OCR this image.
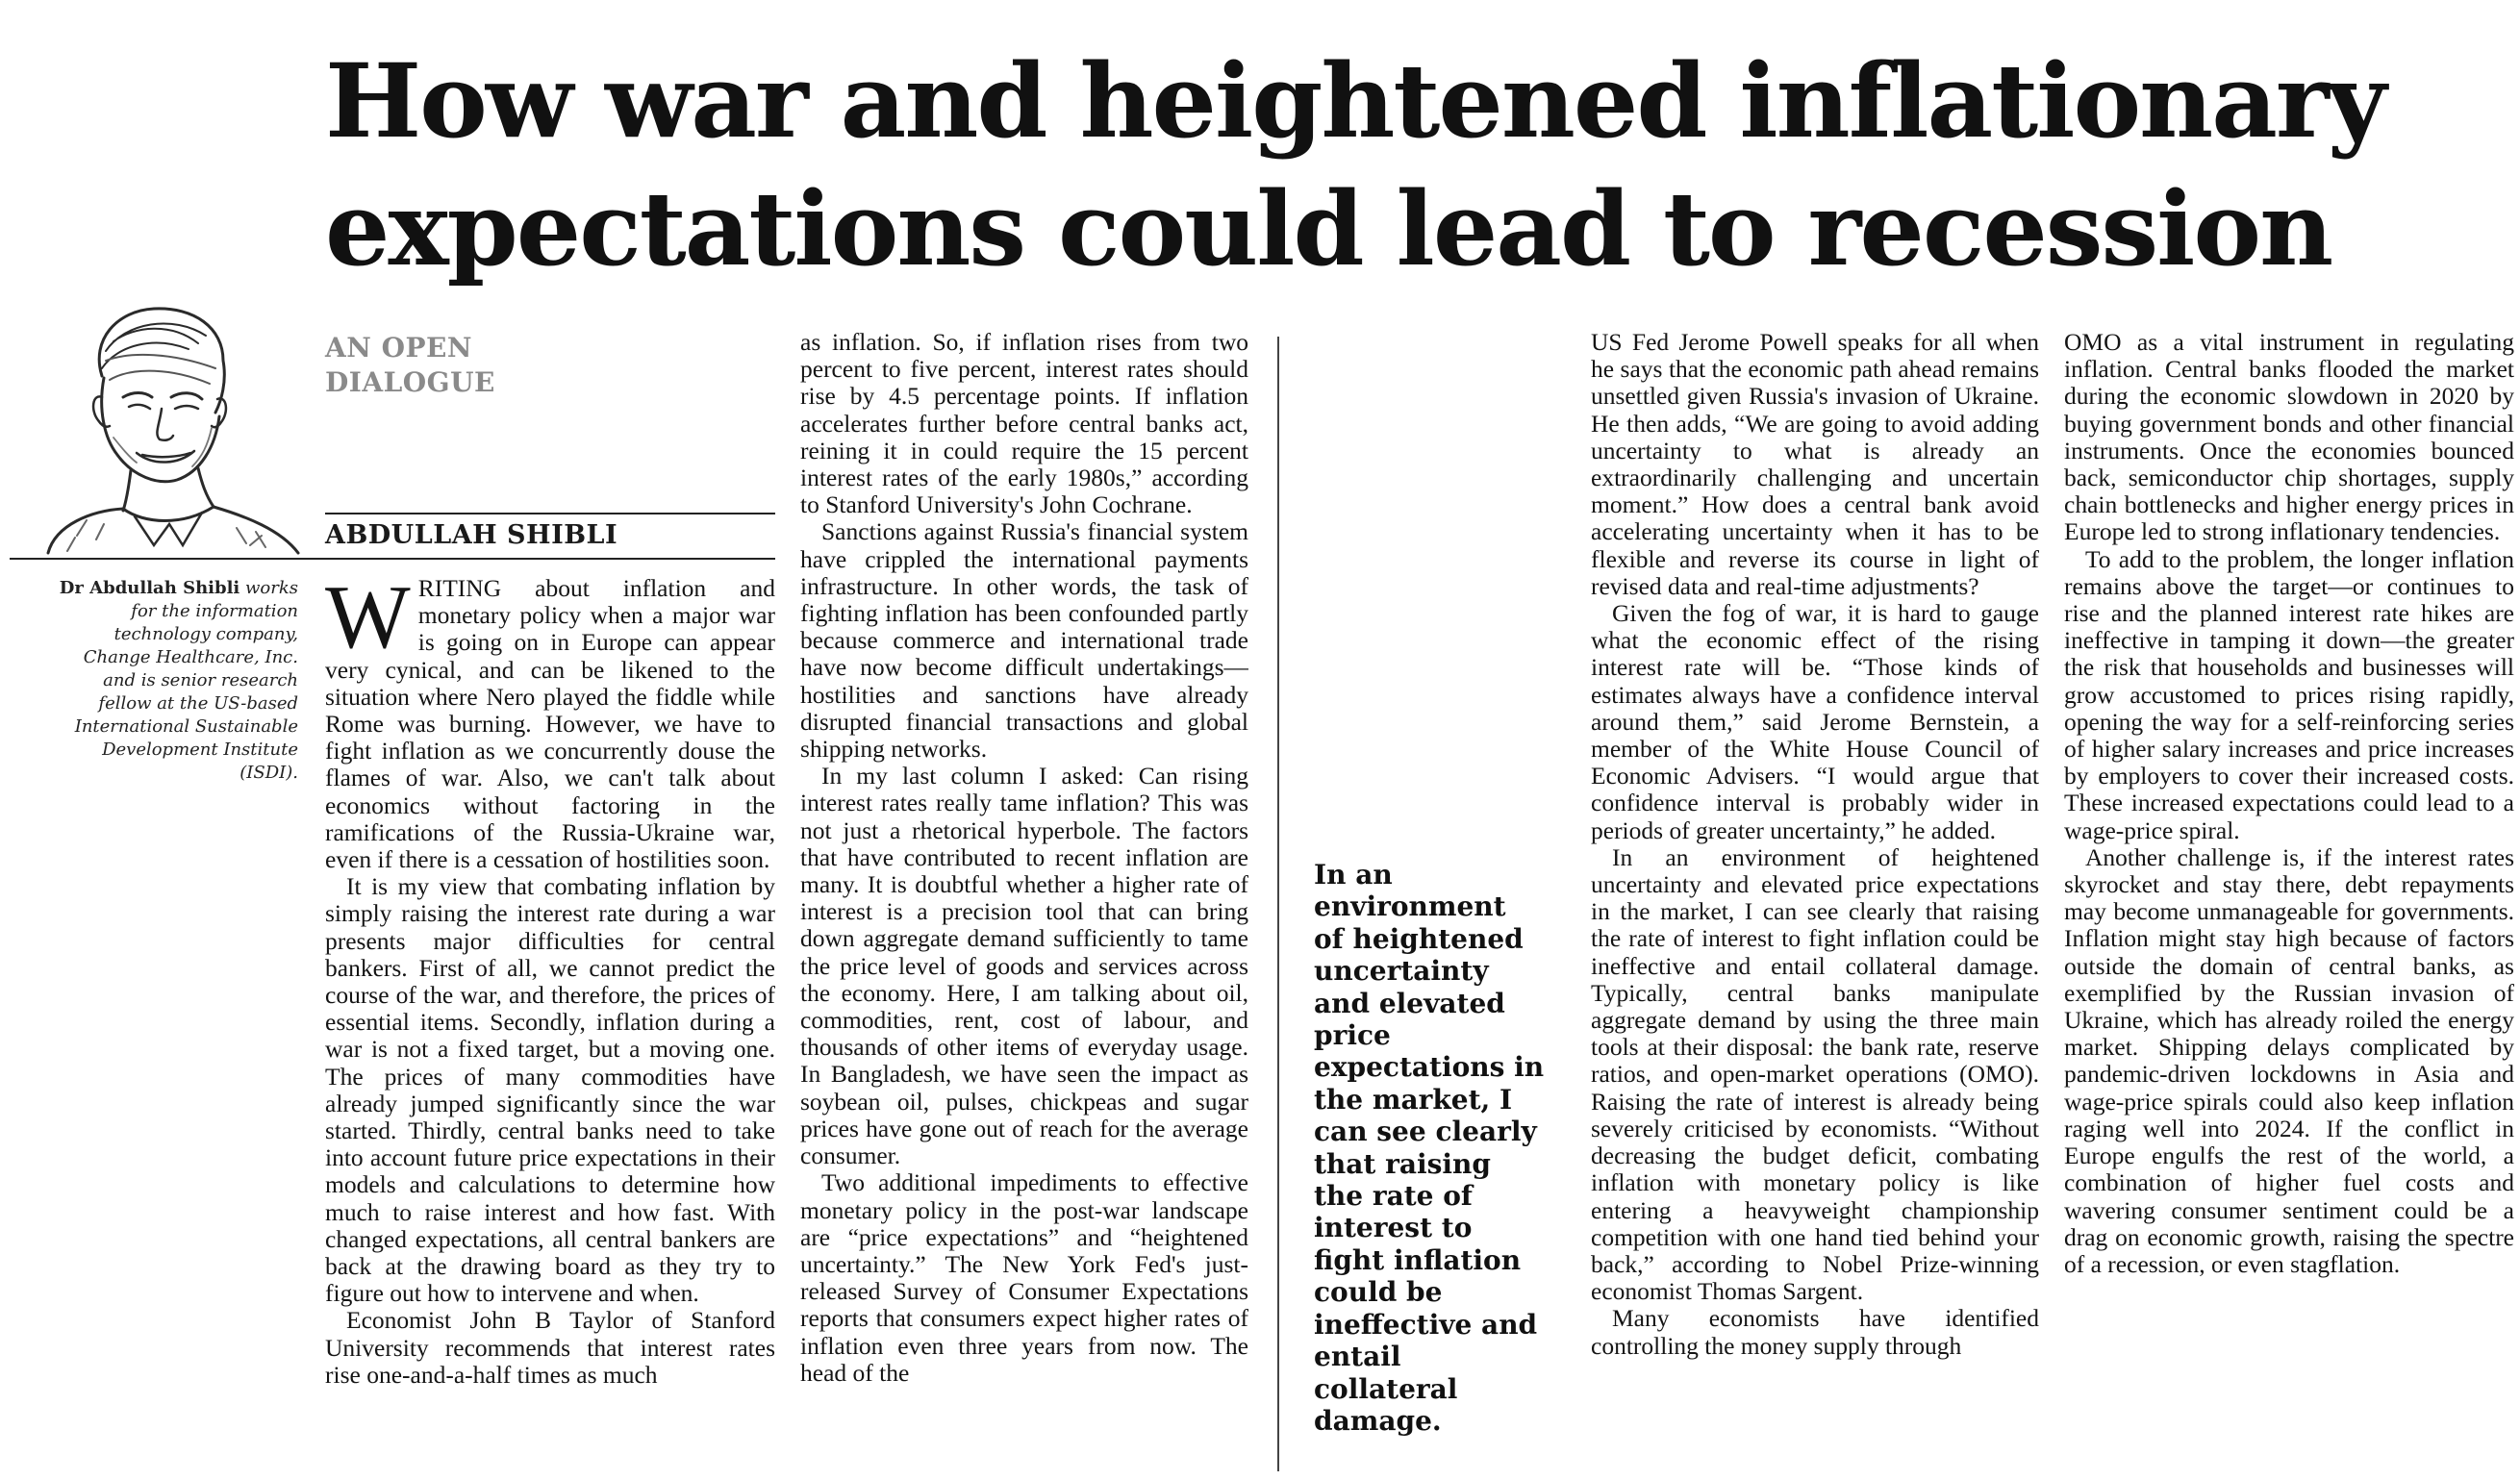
How war and heightened inflationary
expectations could lead to recession
AN OPEN
DIALOGUE
ABDULLAH SHIBLI
Dr Abdullah Shibli works for the information technology company, Change Healthcare, Inc. and is senior research fellow at the US-based International Sustainable Development Institute (ISDI).

WRITING about inflation and monetary policy when a major war is going on in Europe can appear very cynical, and can be likened to the situation where Nero played the fiddle while Rome was burning. However, we have to fight inflation as we concurrently douse the flames of war. Also, we can't talk about economics without factoring in the ramifications of the Russia-Ukraine war, even if there is a cessation of hostilities soon.

It is my view that combating inflation by simply raising the interest rate during a war presents major difficulties for central bankers. First of all, we cannot predict the course of the war, and therefore, the prices of essential items. Secondly, inflation during a war is not a fixed target, but a moving one. The prices of many commodities have already jumped significantly since the war started. Thirdly, central banks need to take into account future price expectations in their models and calculations to determine how much to raise interest and how fast. With changed expectations, all central bankers are back at the drawing board as they try to figure out how to intervene and when.

Economist John B Taylor of Stanford University recommends that interest rates rise one-and-a-half times as much

as inflation. So, if inflation rises from two percent to five percent, interest rates should rise by 4.5 percentage points. If inflation accelerates further before central banks act, reining it in could require the 15 percent interest rates of the early 1980s,” according to Stanford University's John Cochrane.

Sanctions against Russia's financial system have crippled the international payments infrastructure. In other words, the task of fighting inflation has been confounded partly because commerce and international trade have now become difficult undertakings—hostilities and sanctions have already disrupted financial transactions and global shipping networks.

In my last column I asked: Can rising interest rates really tame inflation? This was not just a rhetorical hyperbole. The factors that have contributed to recent inflation are many. It is doubtful whether a higher rate of interest is a precision tool that can bring down aggregate demand sufficiently to tame the price level of goods and services across the economy. Here, I am talking about oil, commodities, rent, cost of labour, and thousands of other items of everyday usage. In Bangladesh, we have seen the impact as soybean oil, pulses, chickpeas and sugar prices have gone out of reach for the average consumer.

Two additional impediments to effective monetary policy in the post-war landscape are “price expectations” and “heightened uncertainty.” The New York Fed's just-released Survey of Consumer Expectations reports that consumers expect higher rates of inflation even three years from now. The head of the

In an environment of heightened uncertainty and elevated price expectations in the market, I can see clearly that raising the rate of interest to fight inflation could be ineffective and entail collateral damage.

US Fed Jerome Powell speaks for all when he says that the economic path ahead remains unsettled given Russia's invasion of Ukraine. He then adds, “We are going to avoid adding uncertainty to what is already an extraordinarily challenging and uncertain moment.” How does a central bank avoid accelerating uncertainty when it has to be flexible and reverse its course in light of revised data and real-time adjustments?

Given the fog of war, it is hard to gauge what the economic effect of the rising interest rate will be. “Those kinds of estimates always have a confidence interval around them,” said Jerome Bernstein, a member of the White House Council of Economic Advisers. “I would argue that confidence interval is probably wider in periods of greater uncertainty,” he added.

In an environment of heightened uncertainty and elevated price expectations in the market, I can see clearly that raising the rate of interest to fight inflation could be ineffective and entail collateral damage. Typically, central banks manipulate aggregate demand by using the three main tools at their disposal: the bank rate, reserve ratios, and open-market operations (OMO). Raising the rate of interest is already being severely criticised by economists. “Without decreasing the budget deficit, combating inflation with monetary policy is like entering a heavyweight championship competition with one hand tied behind your back,” according to Nobel Prize-winning economist Thomas Sargent.

Many economists have identified controlling the money supply through

OMO as a vital instrument in regulating inflation. Central banks flooded the market during the economic slowdown in 2020 by buying government bonds and other financial instruments. Once the economies bounced back, semiconductor chip shortages, supply chain bottlenecks and higher energy prices in Europe led to strong inflationary tendencies.

To add to the problem, the longer inflation remains above the target—or continues to rise and the planned interest rate hikes are ineffective in tamping it down—the greater the risk that households and businesses will grow accustomed to prices rising rapidly, opening the way for a self-reinforcing series of higher salary increases and price increases by employers to cover their increased costs. These increased expectations could lead to a wage-price spiral.

Another challenge is, if the interest rates skyrocket and stay there, debt repayments may become unmanageable for governments. Inflation might stay high because of factors outside the domain of central banks, as exemplified by the Russian invasion of Ukraine, which has already roiled the energy market. Shipping delays complicated by pandemic-driven lockdowns in Asia and wage-price spirals could also keep inflation raging well into 2024. If the conflict in Europe engulfs the rest of the world, a combination of higher fuel costs and wavering consumer sentiment could be a drag on economic growth, raising the spectre of a recession, or even stagflation.
